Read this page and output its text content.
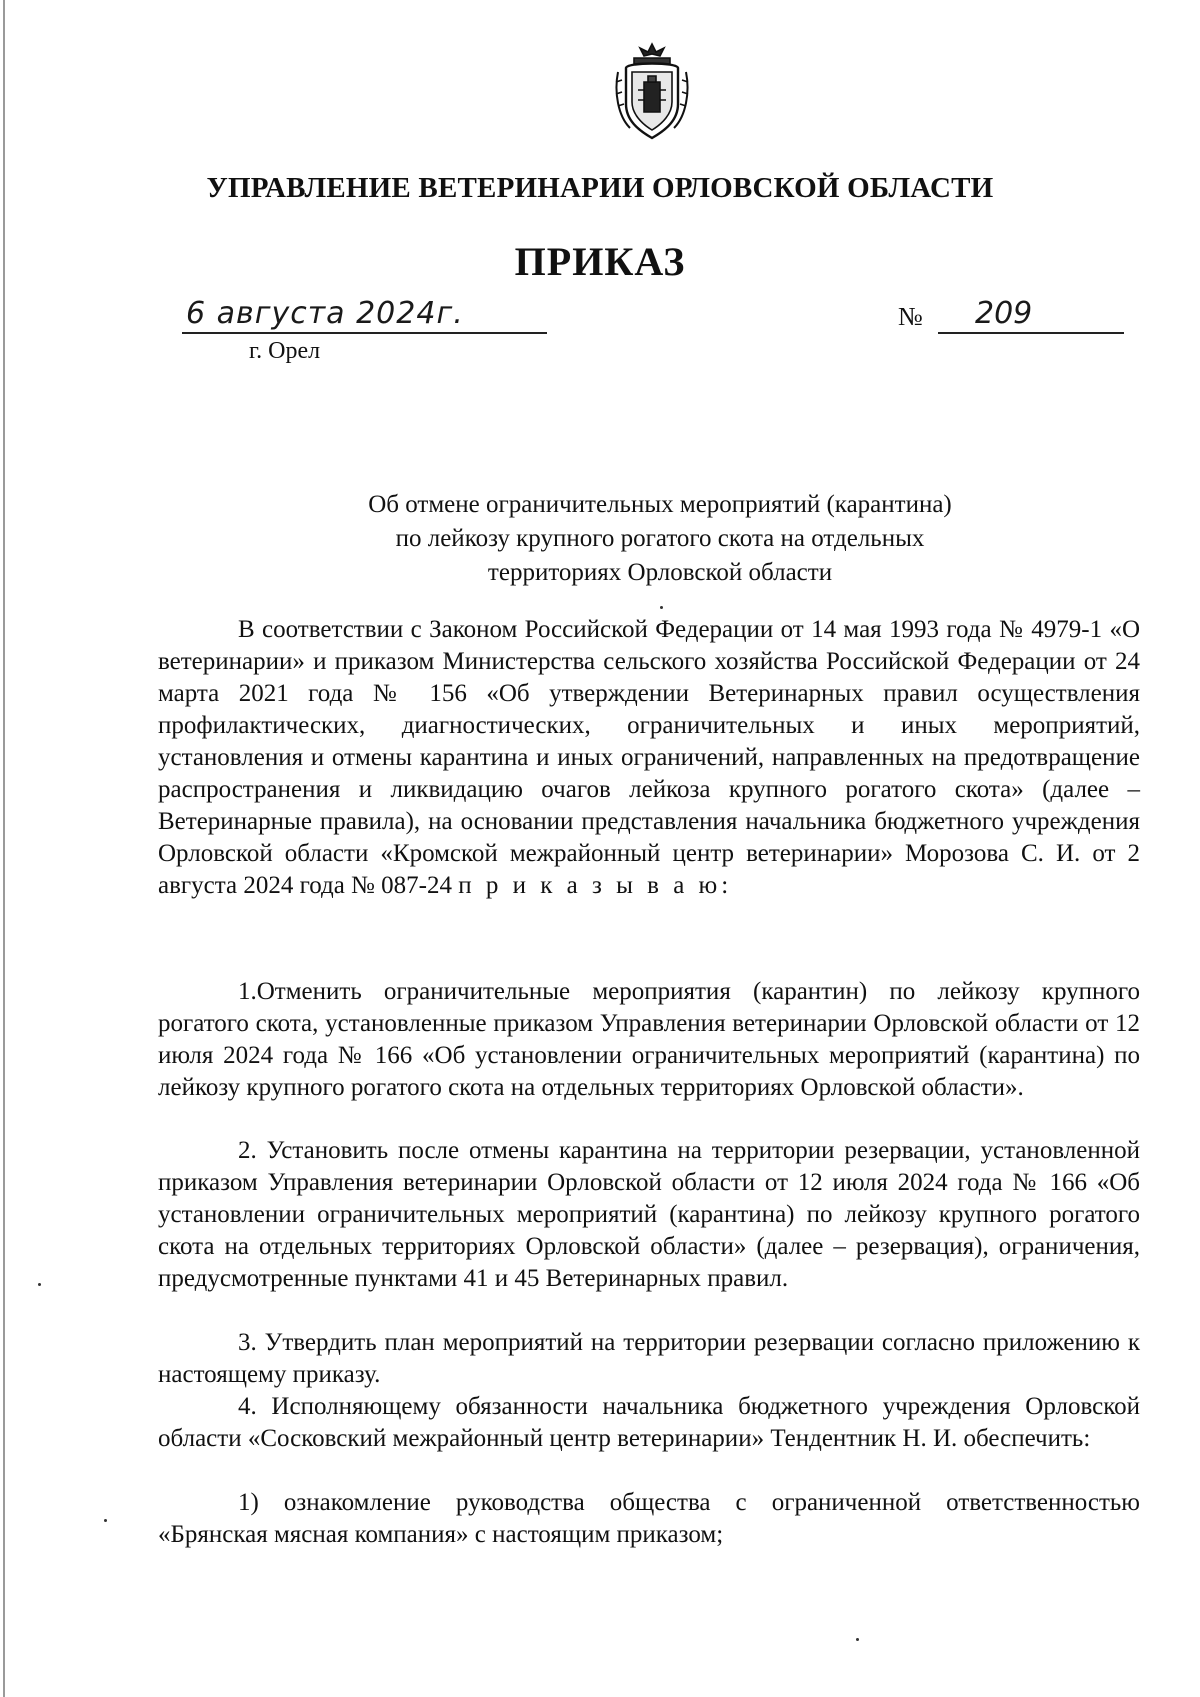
УПРАВЛЕНИЕ ВЕТЕРИНАРИИ ОРЛОВСКОЙ ОБЛАСТИ
ПРИКАЗ
6 августа 2024г.
г. Орел
№ 209
Об отмене ограничительных мероприятий (карантина)
по лейкозу крупного рогатого скота на отдельных
территориях Орловской области

В соответствии с Законом Российской Федерации от 14 мая 1993 года № 4979-1 «О ветеринарии» и приказом Министерства сельского хозяйства Российской Федерации от 24 марта 2021 года № 156 «Об утверждении Ветеринарных правил осуществления профилактических, диагностических, ограничительных и иных мероприятий, установления и отмены карантина и иных ограничений, направленных на предотвращение распространения и ликвидацию очагов лейкоза крупного рогатого скота» (далее – Ветеринарные правила), на основании представления начальника бюджетного учреждения Орловской области «Кромской межрайонный центр ветеринарии» Морозова С. И. от 2 августа 2024 года № 087-24 п р и к а з ы в а ю:

1.Отменить ограничительные мероприятия (карантин) по лейкозу крупного рогатого скота, установленные приказом Управления ветеринарии Орловской области от 12 июля 2024 года № 166 «Об установлении ограничительных мероприятий (карантина) по лейкозу крупного рогатого скота на отдельных территориях Орловской области».

2. Установить после отмены карантина на территории резервации, установленной приказом Управления ветеринарии Орловской области от 12 июля 2024 года № 166 «Об установлении ограничительных мероприятий (карантина) по лейкозу крупного рогатого скота на отдельных территориях Орловской области» (далее – резервация), ограничения, предусмотренные пунктами 41 и 45 Ветеринарных правил.

3. Утвердить план мероприятий на территории резервации согласно приложению к настоящему приказу.

4. Исполняющему обязанности начальника бюджетного учреждения Орловской области «Сосковский межрайонный центр ветеринарии» Тендентник Н. И. обеспечить:

1) ознакомление руководства общества с ограниченной ответственностью «Брянская мясная компания» с настоящим приказом;
